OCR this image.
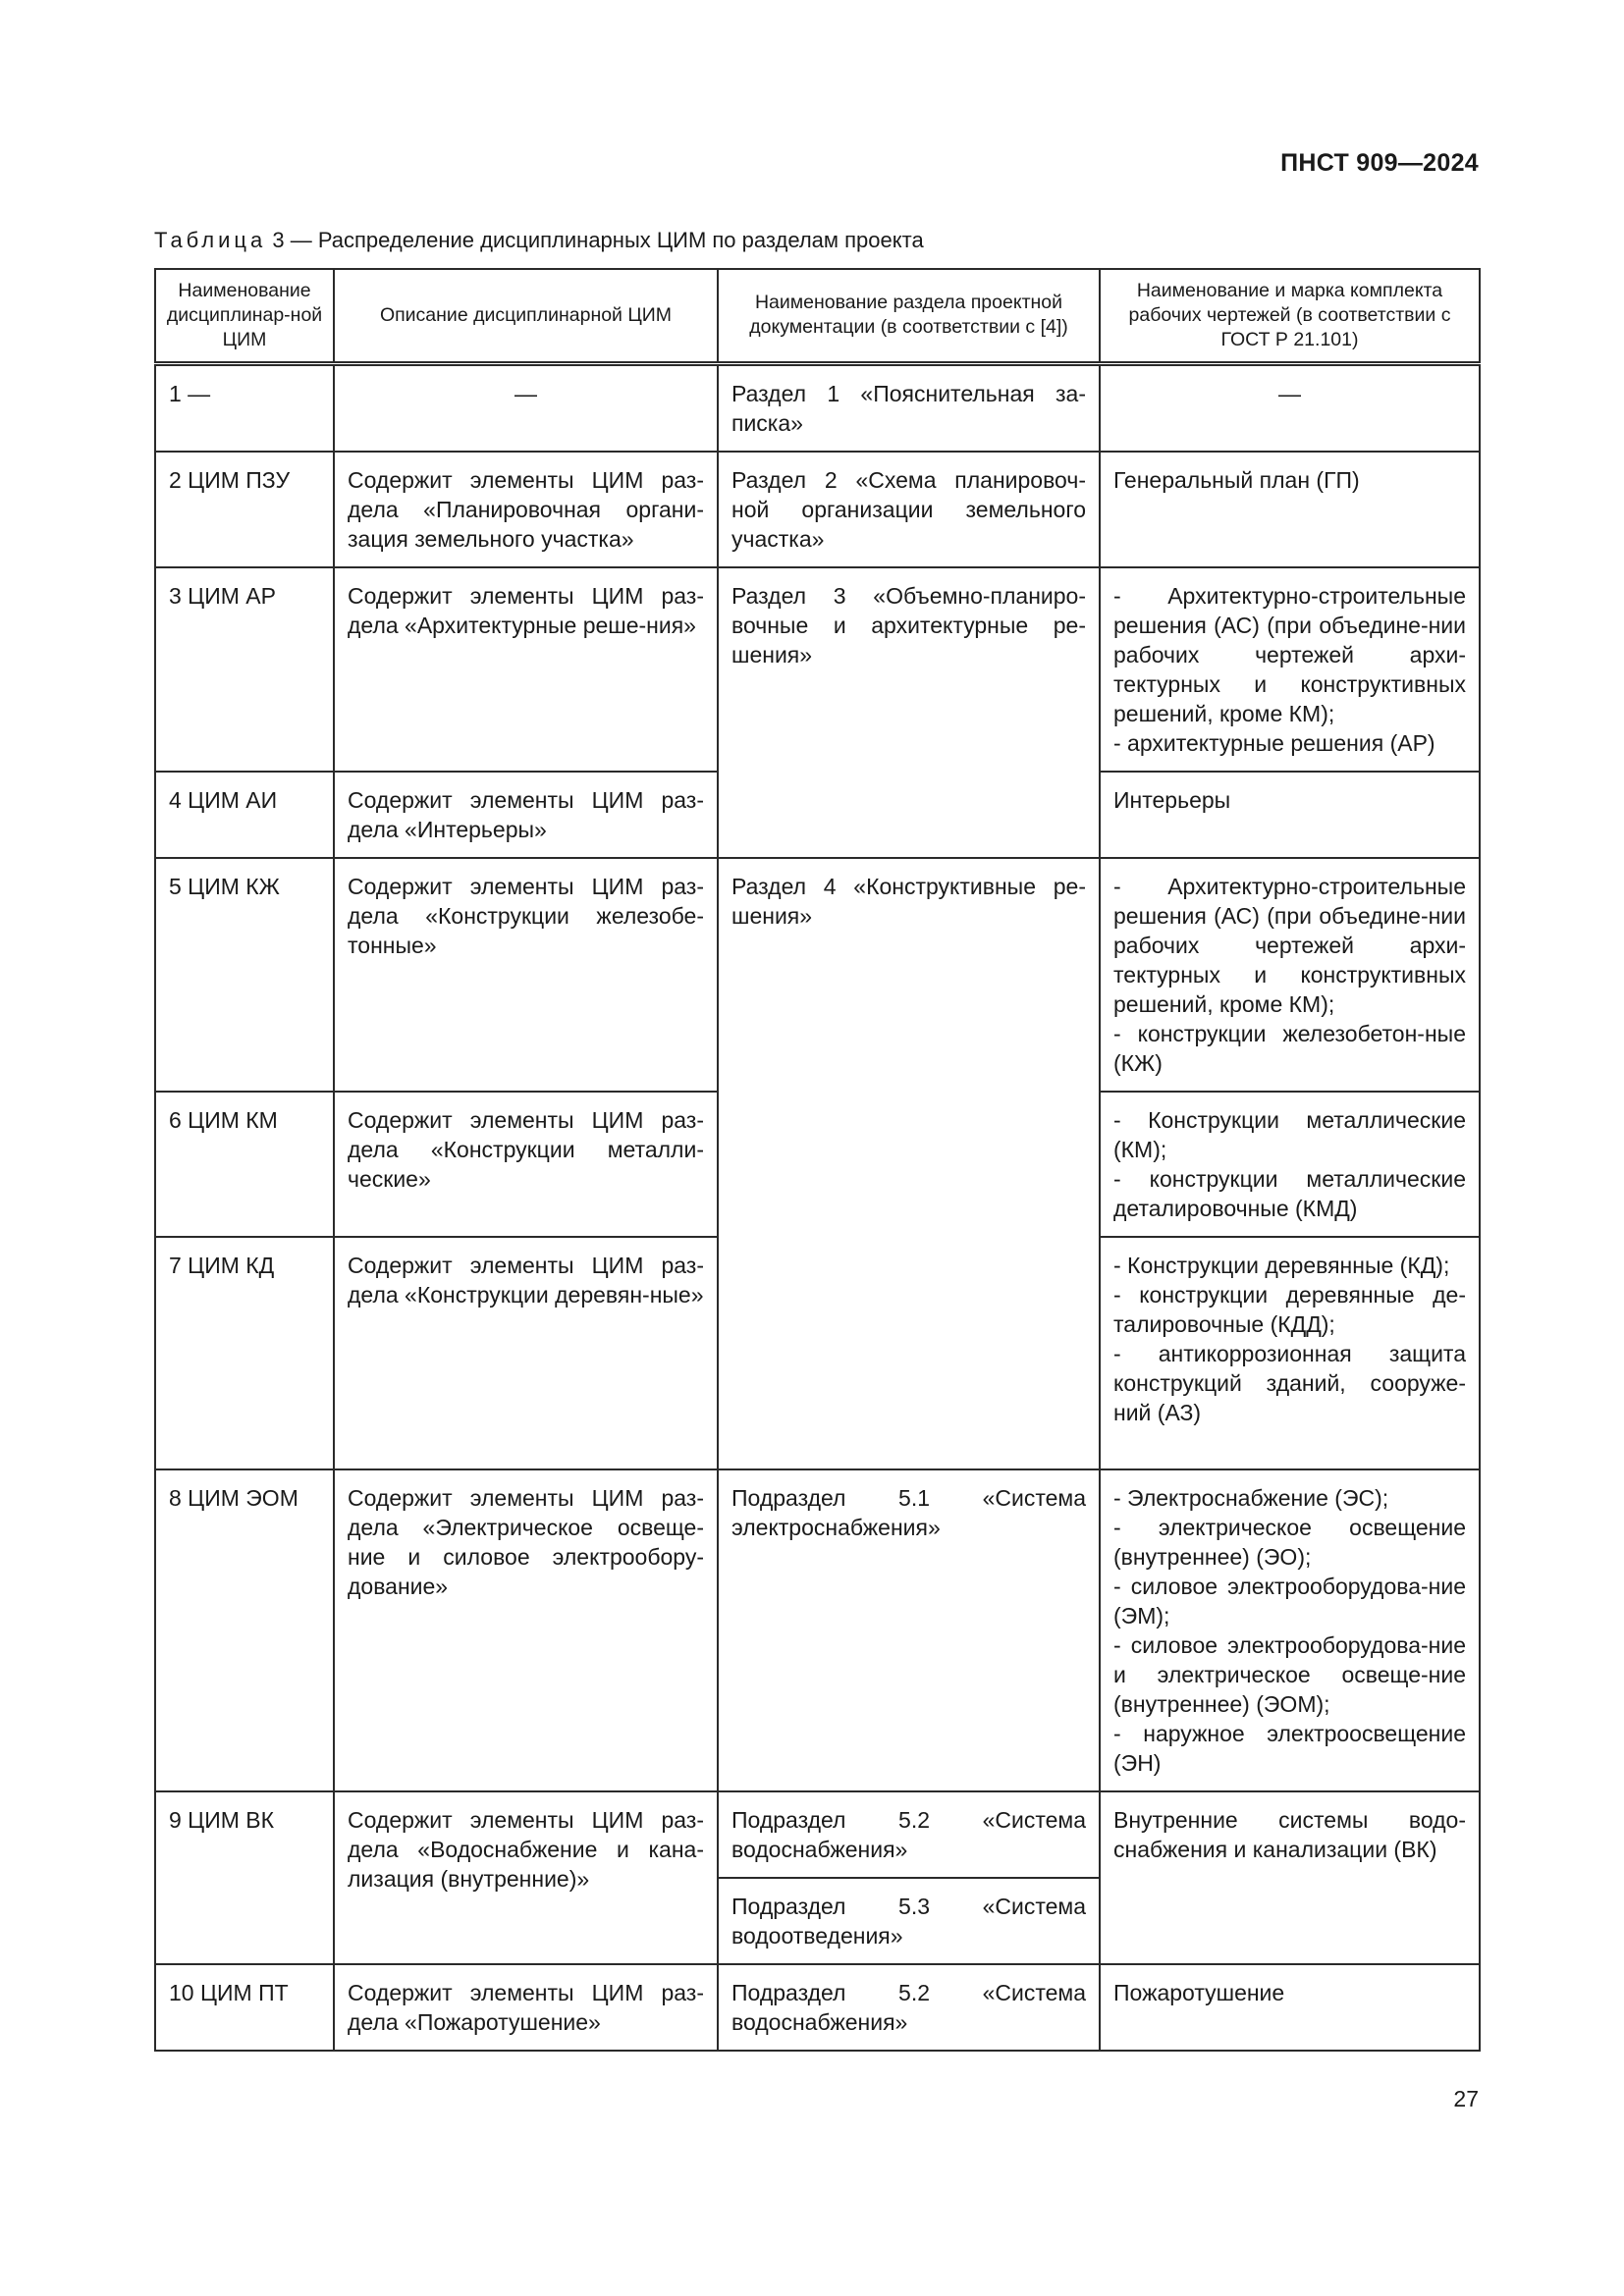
ПНСТ 909—2024
Таблица 3 — Распределение дисциплинарных ЦИМ по разделам проекта
Наименование дисциплинар-ной ЦИМ	Описание дисциплинарной ЦИМ	Наименование раздела проектной документации (в соответствии с [4])	Наименование и марка комплекта рабочих чертежей (в соответствии с ГОСТ Р 21.101)
1 —	—	Раздел 1 «Пояснительная за-писка»	—
2 ЦИМ ПЗУ	Содержит элементы ЦИМ раз-дела «Планировочная органи-зация земельного участка»	Раздел 2 «Схема планировоч-ной организации земельного участка»	Генеральный план (ГП)
3 ЦИМ АР	Содержит элементы ЦИМ раз-дела «Архитектурные реше-ния»	Раздел 3 «Объемно-планиро-вочные и архитектурные ре-шения»	- Архитектурно-строительные решения (АС) (при объедине-нии рабочих чертежей архи-тектурных и конструктивных решений, кроме КМ);
- архитектурные решения (АР)
4 ЦИМ АИ	Содержит элементы ЦИМ раз-дела «Интерьеры»		Интерьеры
5 ЦИМ КЖ	Содержит элементы ЦИМ раз-дела «Конструкции железобе-тонные»	Раздел 4 «Конструктивные ре-шения»	- Архитектурно-строительные решения (АС) (при объедине-нии рабочих чертежей архи-тектурных и конструктивных решений, кроме КМ);
- конструкции железобетон-ные (КЖ)
6 ЦИМ КМ	Содержит элементы ЦИМ раз-дела «Конструкции металли-ческие»		- Конструкции металлические (КМ);
- конструкции металлические деталировочные (КМД)
7 ЦИМ КД	Содержит элементы ЦИМ раз-дела «Конструкции деревян-ные»		- Конструкции деревянные (КД);
- конструкции деревянные де-талировочные (КДД);
- антикоррозионная защита конструкций зданий, сооруже-ний (АЗ)
8 ЦИМ ЭОМ	Содержит элементы ЦИМ раз-дела «Электрическое освеще-ние и силовое электрообору-дование»	Подраздел 5.1 «Система электроснабжения»	- Электроснабжение (ЭС);
- электрическое освещение (внутреннее) (ЭО);
- силовое электрооборудова-ние (ЭМ);
- силовое электрооборудова-ние и электрическое освеще-ние (внутреннее) (ЭОМ);
- наружное электроосвещение (ЭН)
9 ЦИМ ВК	Содержит элементы ЦИМ раз-дела «Водоснабжение и кана-лизация (внутренние)»	Подраздел 5.2 «Система водоснабжения»	Внутренние системы водо-снабжения и канализации (ВК)
		Подраздел 5.3 «Система водоотведения»	
10 ЦИМ ПТ	Содержит элементы ЦИМ раз-дела «Пожаротушение»	Подраздел 5.2 «Система водоснабжения»	Пожаротушение
27
